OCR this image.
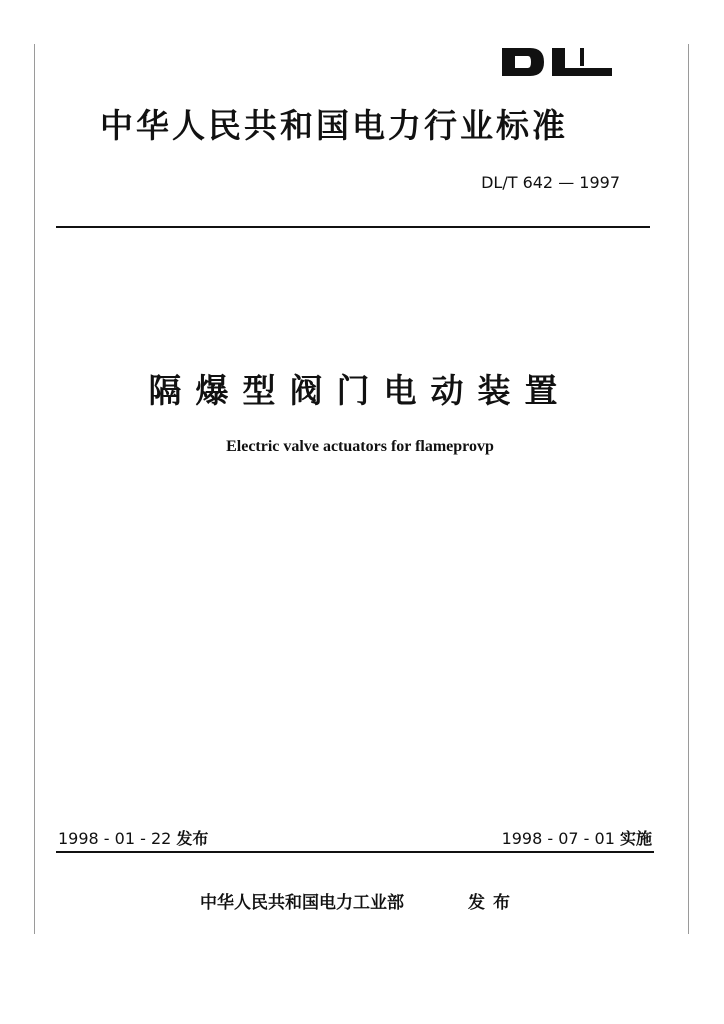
中华人民共和国电力行业标准
DL/T 642 — 1997
隔爆型阀门电动装置
Electric valve actuators for flameprovp
1998 - 01 - 22 发布	1998 - 07 - 01 实施
中华人民共和国电力工业部	发布
